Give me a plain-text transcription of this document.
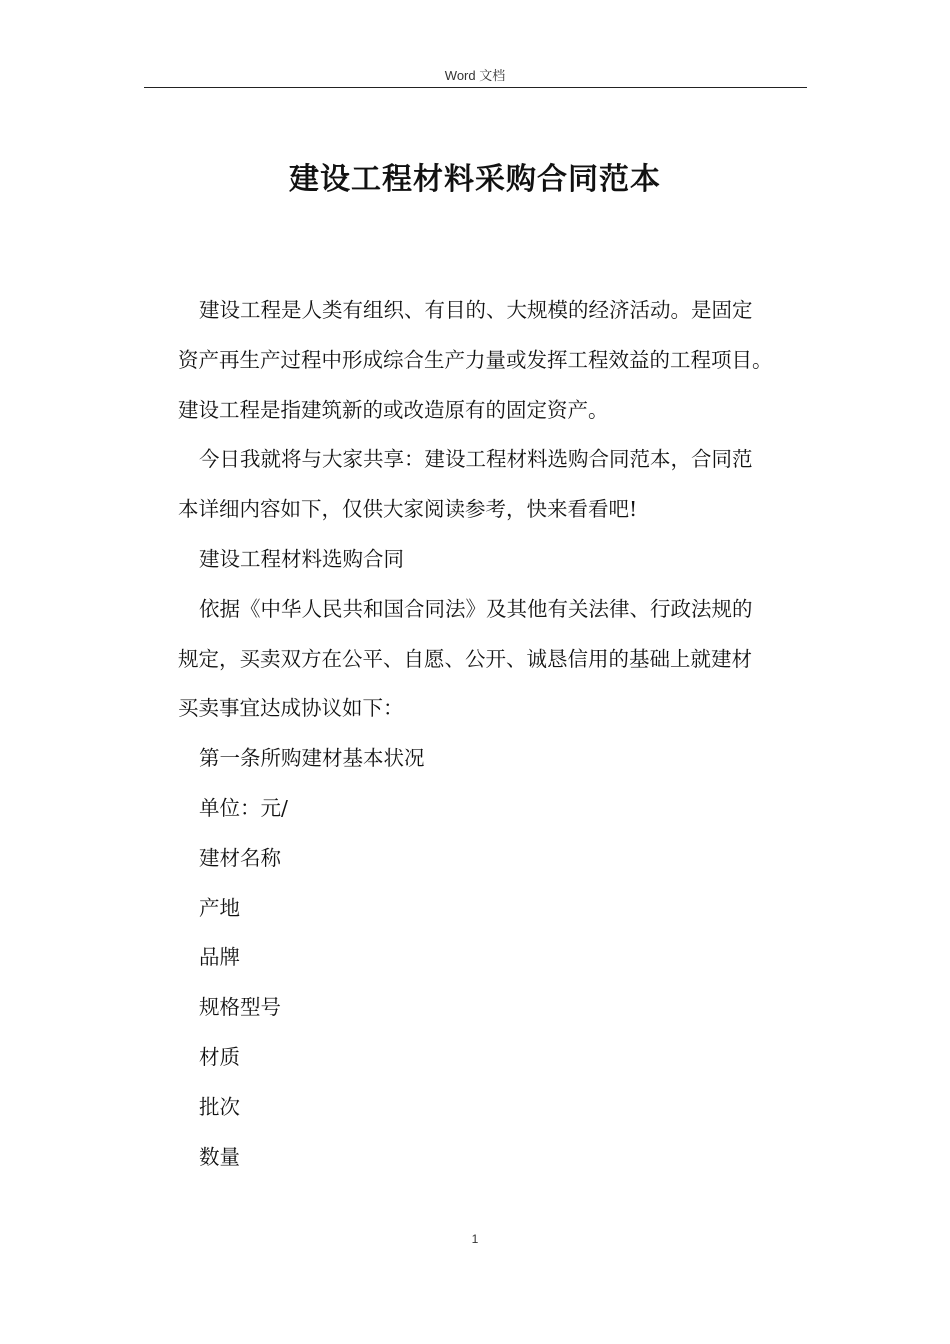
Word 文档
建设工程材料采购合同范本

建设工程是人类有组织、有目的、大规模的经济活动。是固定
资产再生产过程中形成综合生产力量或发挥工程效益的工程项目。
建设工程是指建筑新的或改造原有的固定资产。

今日我就将与大家共享：建设工程材料选购合同范本，合同范
本详细内容如下，仅供大家阅读参考，快来看看吧!

建设工程材料选购合同

依据《中华人民共和国合同法》及其他有关法律、行政法规的
规定，买卖双方在公平、自愿、公开、诚恳信用的基础上就建材
买卖事宜达成协议如下：

第一条所购建材基本状况

单位：元/

建材名称

产地

品牌

规格型号

材质

批次

数量

1
